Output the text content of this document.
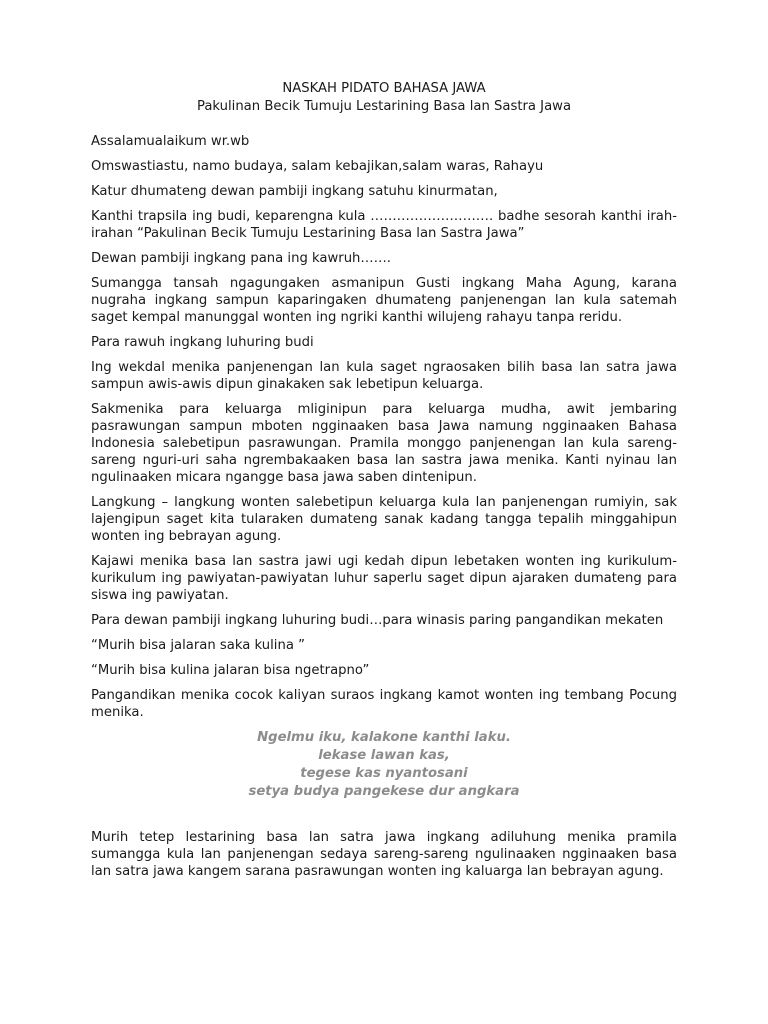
NASKAH PIDATO BAHASA JAWA
Pakulinan Becik Tumuju Lestarining Basa lan Sastra Jawa

Assalamualaikum wr.wb

Omswastiastu, namo budaya, salam kebajikan,salam waras, Rahayu

Katur dhumateng dewan pambiji ingkang satuhu kinurmatan,

Kanthi trapsila ing budi, keparengna kula ………………………. badhe sesorah kanthi irah-irahan “Pakulinan Becik Tumuju Lestarining Basa lan Sastra Jawa”

Dewan pambiji ingkang pana ing kawruh…….

Sumangga tansah ngagungaken asmanipun Gusti ingkang Maha Agung, karana nugraha ingkang sampun kaparingaken dhumateng panjenengan lan kula satemah saget kempal manunggal wonten ing ngriki kanthi wilujeng rahayu tanpa reridu.

Para rawuh ingkang luhuring budi

Ing wekdal menika panjenengan lan kula saget ngraosaken bilih basa lan satra jawa sampun awis-awis dipun ginakaken sak lebetipun keluarga.

Sakmenika para keluarga mliginipun para keluarga mudha, awit jembaring pasrawungan sampun mboten ngginaaken basa Jawa namung ngginaaken Bahasa Indonesia salebetipun pasrawungan. Pramila monggo panjenengan lan kula sareng-sareng nguri-uri saha ngrembakaaken basa lan sastra jawa menika. Kanti nyinau lan ngulinaaken micara ngangge basa jawa saben dintenipun.

Langkung – langkung wonten salebetipun keluarga kula lan panjenengan rumiyin, sak lajengipun saget kita tularaken dumateng sanak kadang tangga tepalih minggahipun wonten ing bebrayan agung.

Kajawi menika basa lan sastra jawi ugi kedah dipun lebetaken wonten ing kurikulum-kurikulum ing pawiyatan-pawiyatan luhur saperlu saget dipun ajaraken dumateng para siswa ing pawiyatan.

Para dewan pambiji ingkang luhuring budi…para winasis paring pangandikan mekaten

“Murih bisa jalaran saka kulina ”

“Murih bisa kulina jalaran bisa ngetrapno”

Pangandikan menika cocok kaliyan suraos ingkang kamot wonten ing tembang Pocung menika.

Ngelmu iku, kalakone kanthi laku.
lekase lawan kas,
tegese kas nyantosani
setya budya pangekese dur angkara

Murih tetep lestarining basa lan satra jawa ingkang adiluhung menika pramila sumangga kula lan panjenengan sedaya sareng-sareng ngulinaaken ngginaaken basa lan satra jawa kangem sarana pasrawungan wonten ing kaluarga lan bebrayan agung.
